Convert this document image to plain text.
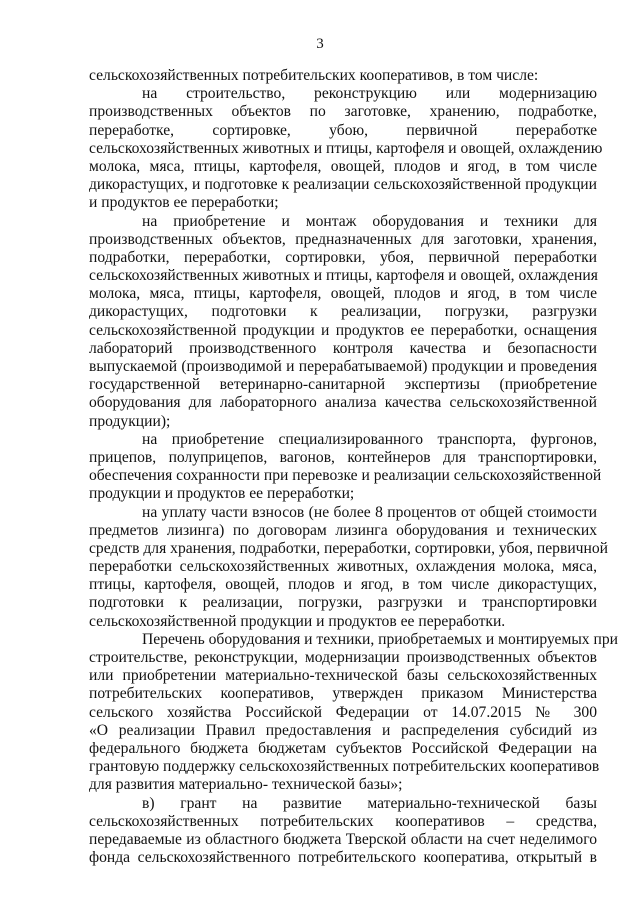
3
сельскохозяйственных потребительских кооперативов, в том числе:
на строительство, реконструкцию или модернизацию
производственных объектов по заготовке, хранению, подработке,
переработке, сортировке, убою, первичной переработке
сельскохозяйственных животных и птицы, картофеля и овощей, охлаждению
молока, мяса, птицы, картофеля, овощей, плодов и ягод, в том числе
дикорастущих, и подготовке к реализации сельскохозяйственной продукции
и продуктов ее переработки;
на приобретение и монтаж оборудования и техники для
производственных объектов, предназначенных для заготовки, хранения,
подработки, переработки, сортировки, убоя, первичной переработки
сельскохозяйственных животных и птицы, картофеля и овощей, охлаждения
молока, мяса, птицы, картофеля, овощей, плодов и ягод, в том числе
дикорастущих, подготовки к реализации, погрузки, разгрузки
сельскохозяйственной продукции и продуктов ее переработки, оснащения
лабораторий производственного контроля качества и безопасности
выпускаемой (производимой и перерабатываемой) продукции и проведения
государственной ветеринарно-санитарной экспертизы (приобретение
оборудования для лабораторного анализа качества сельскохозяйственной
продукции);
на приобретение специализированного транспорта, фургонов,
прицепов, полуприцепов, вагонов, контейнеров для транспортировки,
обеспечения сохранности при перевозке и реализации сельскохозяйственной
продукции и продуктов ее переработки;
на уплату части взносов (не более 8 процентов от общей стоимости
предметов лизинга) по договорам лизинга оборудования и технических
средств для хранения, подработки, переработки, сортировки, убоя, первичной
переработки сельскохозяйственных животных, охлаждения молока, мяса,
птицы, картофеля, овощей, плодов и ягод, в том числе дикорастущих,
подготовки к реализации, погрузки, разгрузки и транспортировки
сельскохозяйственной продукции и продуктов ее переработки.
Перечень оборудования и техники, приобретаемых и монтируемых при
строительстве, реконструкции, модернизации производственных объектов
или приобретении материально-технической базы сельскохозяйственных
потребительских кооперативов, утвержден приказом Министерства
сельского хозяйства Российской Федерации от 14.07.2015 № 300
«О реализации Правил предоставления и распределения субсидий из
федерального бюджета бюджетам субъектов Российской Федерации на
грантовую поддержку сельскохозяйственных потребительских кооперативов
для развития материально- технической базы»;
в) грант на развитие материально-технической базы
сельскохозяйственных потребительских кооперативов – средства,
передаваемые из областного бюджета Тверской области на счет неделимого
фонда сельскохозяйственного потребительского кооператива, открытый в
